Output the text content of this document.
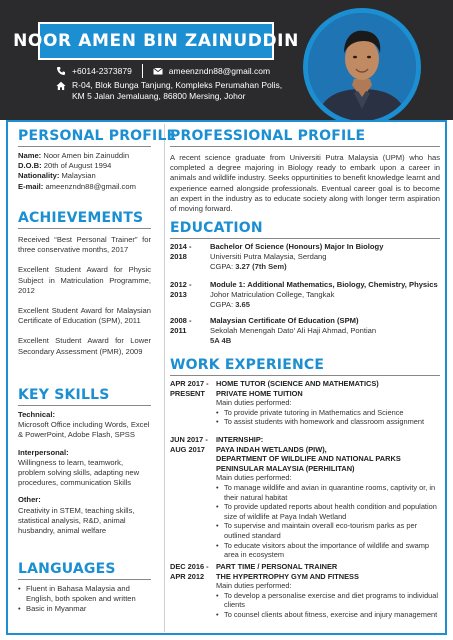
NOOR AMEN BIN ZAINUDDIN
+6014-2373879	ameenzndn88@gmail.com
R-04, Blok Bunga Tanjung, Kompleks Perumahan Polis,
KM 5 Jalan Jemaluang, 86800 Mersing, Johor
PERSONAL PROFILE
Name: Noor Amen bin Zainuddin
D.O.B: 20th of August 1994
Nationality: Malaysian
E-mail: ameenzndn88@gmail.com
ACHIEVEMENTS
Received “Best Personal Trainer” for three conservative months, 2017
Excellent Student Award for Physic Subject in Matriculation Programme, 2012
Excellent Student Award for Malaysian Certificate of Education (SPM), 2011
Excellent Student Award for Lower Secondary Assessment (PMR), 2009
KEY SKILLS
Technical:
Microsoft Office including Words, Excel & PowerPoint, Adobe Flash, SPSS
Interpersonal:
Willingness to learn, teamwork, problem solving skills, adapting new procedures, communication Skills
Other:
Creativity in STEM, teaching skills, statistical analysis, R&D, animal husbandry, animal welfare
LANGUAGES
• Fluent in Bahasa Malaysia and English, both spoken and written
• Basic in Myanmar
PROFESSIONAL PROFILE
A recent science graduate from Universiti Putra Malaysia (UPM) who has completed a degree majoring in Biology ready to embark upon a career in animals and wildlife industry. Seeks oppurtinities to benefit knowledge learnt and experience earned alongside professionals. Eventual career goal is to become an expert in the industry as to educate society along with longer term aspiration of moving forward.
EDUCATION
2014 -
2018
Bachelor Of Science (Honours) Major In Biology
Universiti Putra Malaysia, Serdang
CGPA: 3.27 (7th Sem)
2012 -
2013
Module 1: Additional Mathematics, Biology, Chemistry, Physics
Johor Matriculation College, Tangkak
CGPA: 3.65
2008 -
2011
Malaysian Certificate Of Education (SPM)
Sekolah Menengah Dato' Ali Haji Ahmad, Pontian
5A 4B
WORK EXPERIENCE
APR 2017 -
PRESENT
HOME TUTOR (SCIENCE AND MATHEMATICS)
PRIVATE HOME TUITION
Main duties performed:
• To provide private tutoring in Mathematics and Science
• To assist students with homework and classroom assignment
JUN 2017 -
AUG 2017
INTERNSHIP:
PAYA INDAH WETLANDS (PIW),
DEPARTMENT OF WILDLIFE AND NATIONAL PARKS PENINSULAR MALAYSIA (PERHILITAN)
Main duties performed:
• To manage wildlife and avian in quarantine rooms, captivity or, in their natural habitat
• To provide updated reports about health condition and population size of wildlife at Paya Indah Wetland
• To supervise and maintain overall eco-tourism parks as per outlined standard
• To educate visitors about the importance of wildlife and swamp area in ecosystem
DEC 2016 -
APR 2012
PART TIME / PERSONAL TRAINER
THE HYPERTROPHY GYM AND FITNESS
Main duties performed:
• To develop a personalise exercise and diet programs to individual clients
• To counsel clients about fitness, exercise and injury management
